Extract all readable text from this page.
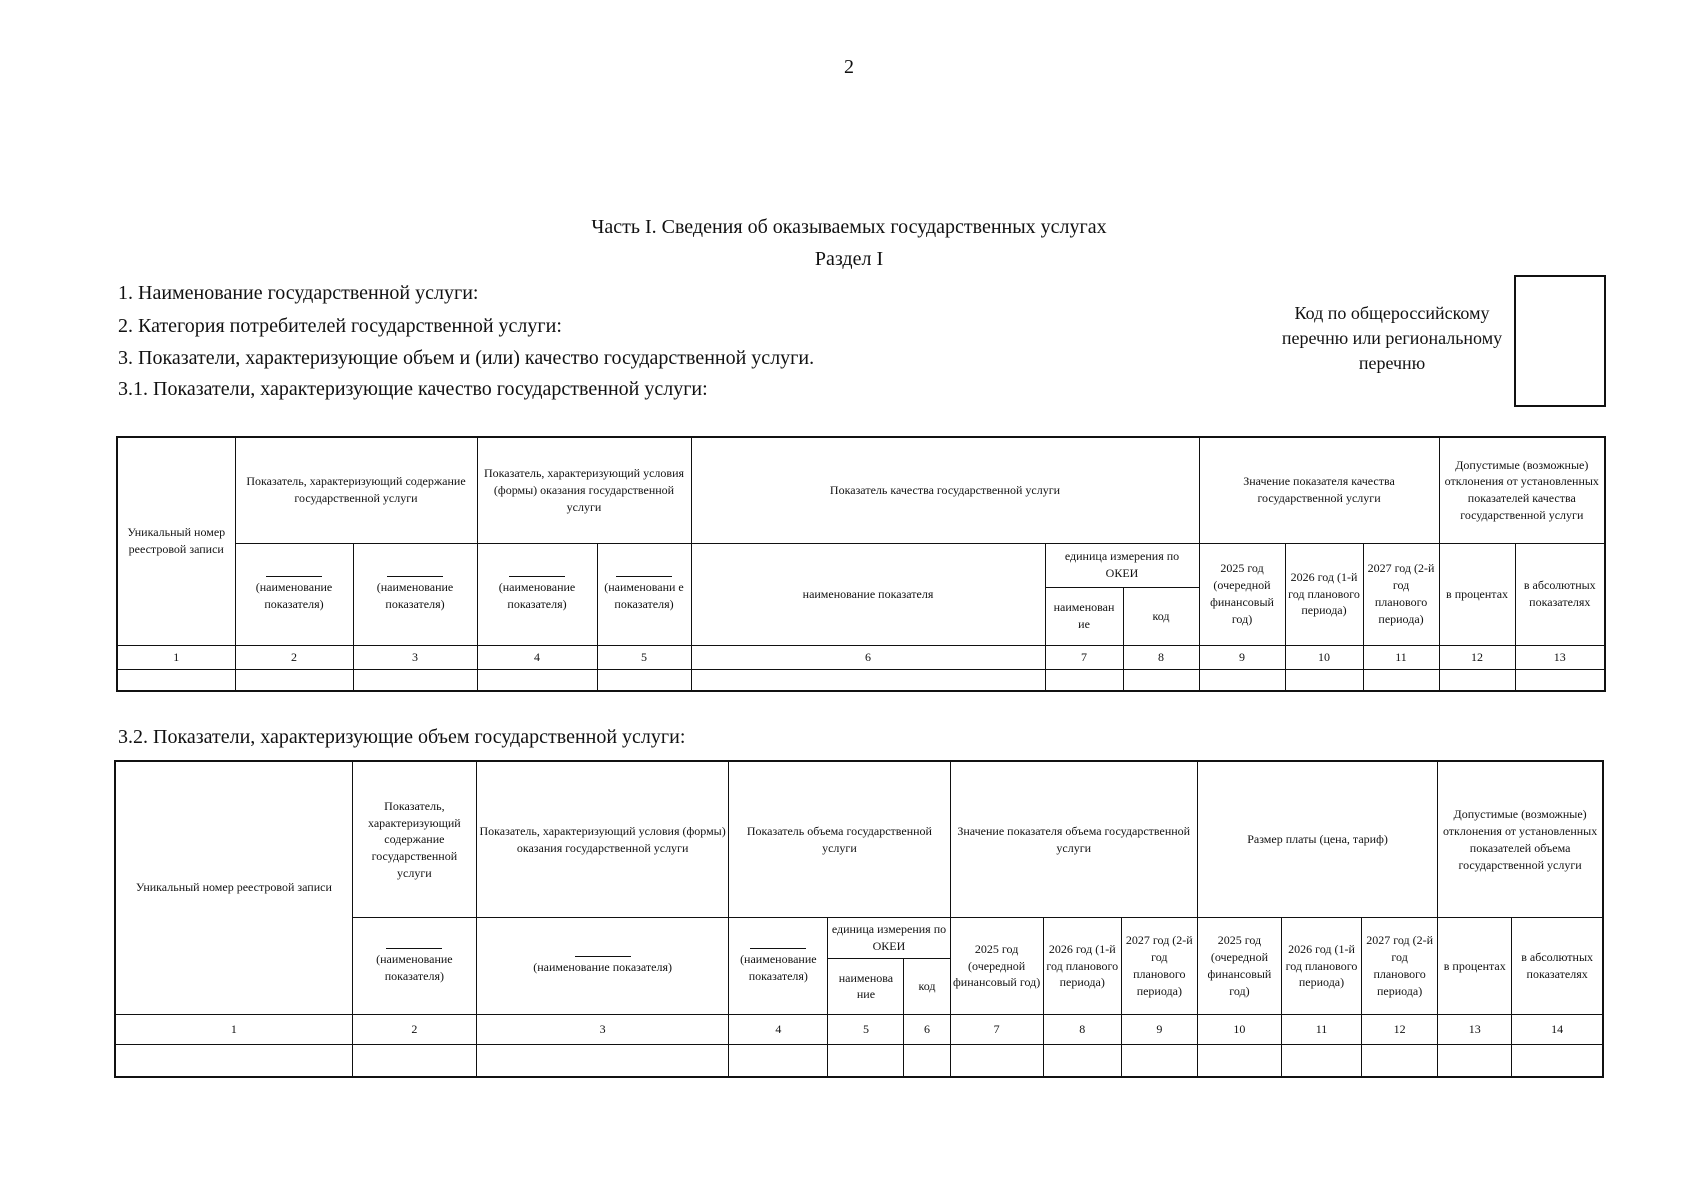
2
Часть I. Сведения об оказываемых государственных услугах
Раздел I
1. Наименование государственной услуги:
2. Категория потребителей государственной услуги:
3. Показатели, характеризующие объем и (или) качество государственной услуги.
3.1. Показатели, характеризующие качество государственной услуги:
Код по общероссийскому перечню или региональному перечню
Уникальный номер реестровой записи	Показатель, характеризующий содержание государственной услуги		Показатель, характеризующий условия (формы) оказания государственной услуги		Показатель качества государственной услуги			Значение показателя качества государственной услуги			Допустимые (возможные) отклонения от установленных показателей качества государственной услуги	

(наименование показателя)	(наименование показателя)	(наименование показателя)	(наименовани е показателя)	наименование показателя	единица измерения по ОКЕИ		2025 год (очередной финансовый год)	2026 год (1-й год планового периода)	2027 год (2-й год планового периода)	в процентах	в абсолютных показателях
						наименован ие	код					
1	2	3	4	5	6	7	8	9	10	11	12	13

3.2. Показатели, характеризующие объем государственной услуги:
Уникальный номер реестровой записи	Показатель, характеризующий содержание государственной услуги	Показатель, характеризующий условия (формы) оказания государственной услуги	Показатель объема государственной услуги			Значение показателя объема государственной услуги			Размер платы (цена, тариф)			Допустимые (возможные) отклонения от установленных показателей объема государственной услуги	

(наименование показателя)	(наименование показателя)	(наименование показателя)	единица измерения по ОКЕИ		2025 год (очередной финансовый год)	2026 год (1-й год планового периода)	2027 год (2-й год планового периода)	2025 год (очередной финансовый год)	2026 год (1-й год планового периода)	2027 год (2-й год планового периода)	в процентах	в абсолютных показателях
				наименова ние	код								
1	2	3	4	5	6	7	8	9	10	11	12	13	14
